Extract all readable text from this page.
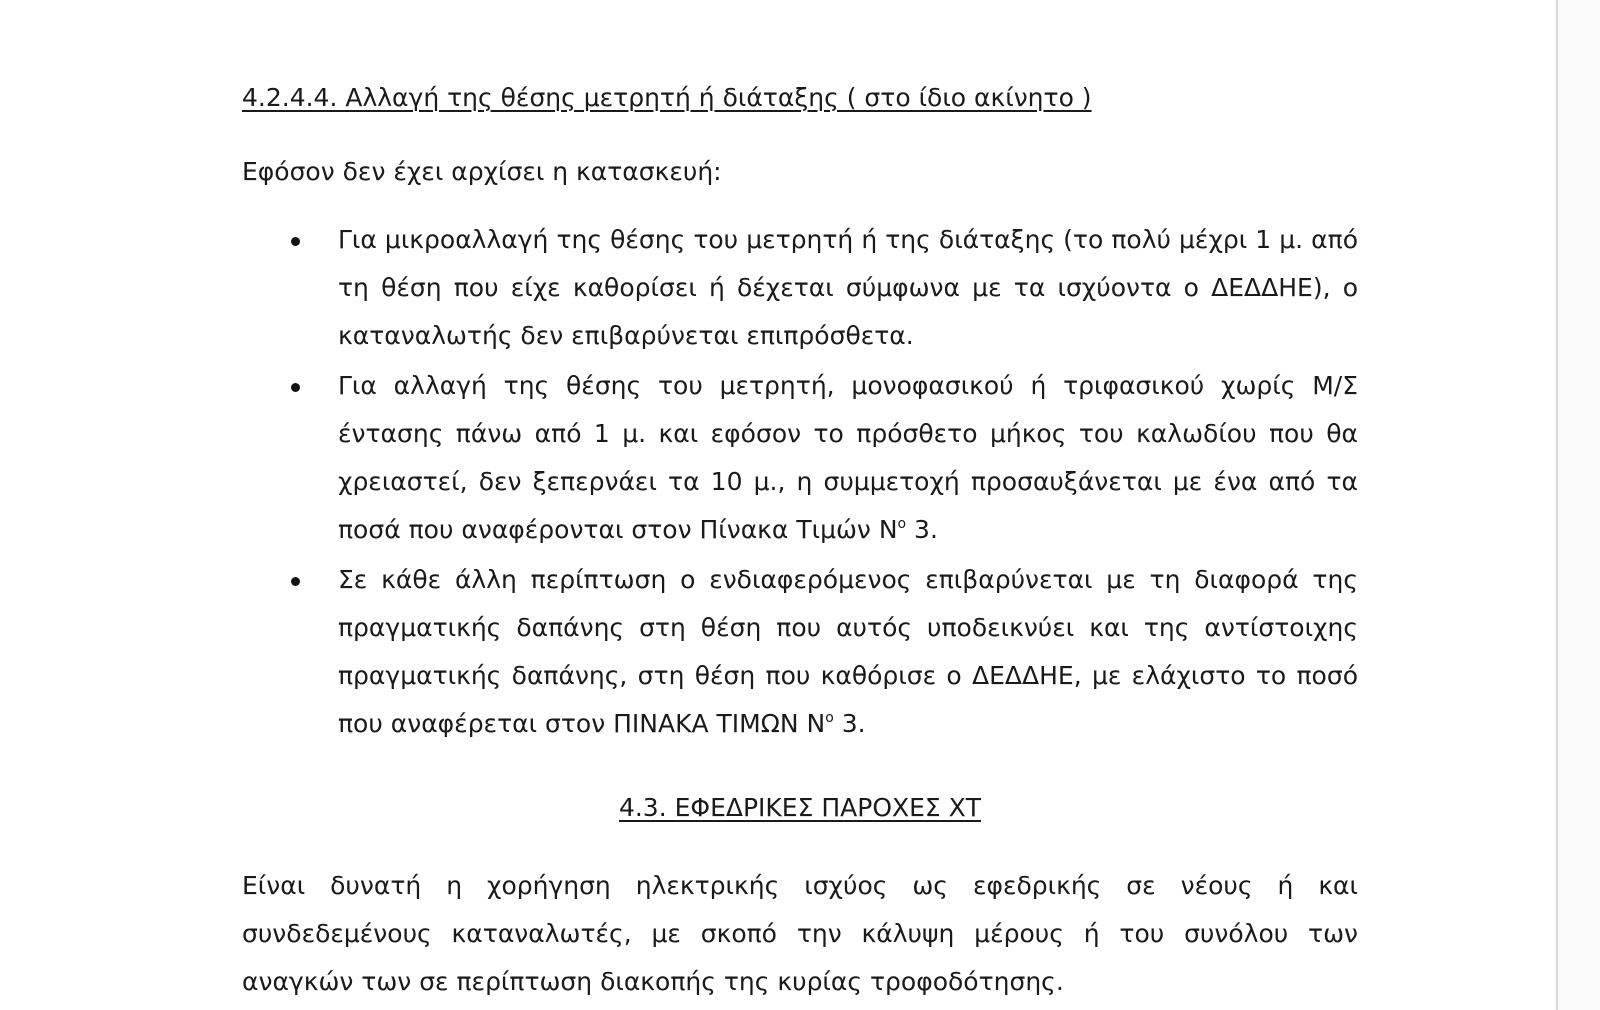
4.2.4.4. Αλλαγή της θέσης μετρητή ή διάταξης ( στο ίδιο ακίνητο )

Εφόσον δεν έχει αρχίσει η κατασκευή:

Για μικροαλλαγή της θέσης του μετρητή ή της διάταξης (το πολύ μέχρι 1 μ. από τη θέση που είχε καθορίσει ή δέχεται σύμφωνα με τα ισχύοντα ο ΔΕΔΔΗΕ), ο καταναλωτής δεν επιβαρύνεται επιπρόσθετα.
Για αλλαγή της θέσης του μετρητή, μονοφασικού ή τριφασικού χωρίς Μ/Σ έντασης πάνω από 1 μ. και εφόσον το πρόσθετο μήκος του καλωδίου που θα χρειαστεί, δεν ξεπερνάει τα 10 μ., η συμμετοχή προσαυξάνεται με ένα από τα ποσά που αναφέρονται στον Πίνακα Τιμών $N^o$ 3.
Σε κάθε άλλη περίπτωση ο ενδιαφερόμενος επιβαρύνεται με τη διαφορά της πραγματικής δαπάνης στη θέση που αυτός υποδεικνύει και της αντίστοιχης πραγματικής δαπάνης, στη θέση που καθόρισε ο ΔΕΔΔΗΕ, με ελάχιστο το ποσό που αναφέρεται στον ΠΙΝΑΚΑ ΤΙΜΩΝ $N^o$ 3.
4.3. ΕΦΕΔΡΙΚΕΣ ΠΑΡΟΧΕΣ ΧΤ

Είναι δυνατή η χορήγηση ηλεκτρικής ισχύος ως εφεδρικής σε νέους ή και συνδεδεμένους καταναλωτές, με σκοπό την κάλυψη μέρους ή του συνόλου των αναγκών των σε περίπτωση διακοπής της κυρίας τροφοδότησης.
